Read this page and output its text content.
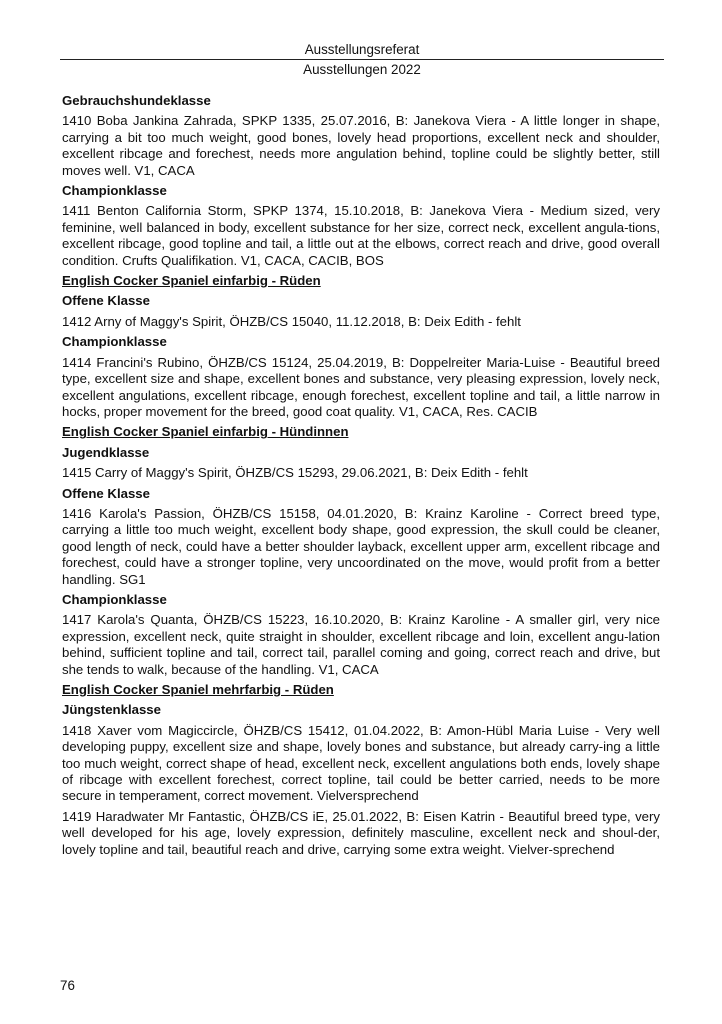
Ausstellungsreferat
Ausstellungen 2022
Gebrauchshundeklasse
1410 Boba Jankina Zahrada, SPKP 1335, 25.07.2016, B: Janekova Viera - A little longer in shape, carrying a bit too much weight, good bones, lovely head proportions, excellent neck and shoulder, excellent ribcage and forechest, needs more angulation behind, topline could be slightly better, still moves well. V1, CACA
Championklasse
1411 Benton California Storm, SPKP 1374, 15.10.2018, B: Janekova Viera - Medium sized, very feminine, well balanced in body, excellent substance for her size, correct neck, excellent angula-tions, excellent ribcage, good topline and tail, a little out at the elbows, correct reach and drive, good overall condition. Crufts Qualifikation. V1, CACA, CACIB, BOS
English Cocker Spaniel einfarbig - Rüden
Offene Klasse
1412 Arny of Maggy's Spirit, ÖHZB/CS 15040, 11.12.2018, B: Deix Edith - fehlt
Championklasse
1414 Francini's Rubino, ÖHZB/CS 15124, 25.04.2019, B: Doppelreiter Maria-Luise - Beautiful breed type, excellent size and shape, excellent bones and substance, very pleasing expression, lovely neck, excellent angulations, excellent ribcage, enough forechest, excellent topline and tail, a little narrow in hocks, proper movement for the breed, good coat quality. V1, CACA, Res. CACIB
English Cocker Spaniel einfarbig - Hündinnen
Jugendklasse
1415 Carry of Maggy's Spirit, ÖHZB/CS 15293, 29.06.2021, B: Deix Edith - fehlt
Offene Klasse
1416 Karola's Passion, ÖHZB/CS 15158, 04.01.2020, B: Krainz Karoline - Correct breed type, carrying a little too much weight, excellent body shape, good expression, the skull could be cleaner, good length of neck, could have a better shoulder layback, excellent upper arm, excellent ribcage and forechest, could have a stronger topline, very uncoordinated on the move, would profit from a better handling. SG1
Championklasse
1417 Karola's Quanta, ÖHZB/CS 15223, 16.10.2020, B: Krainz Karoline - A smaller girl, very nice expression, excellent neck, quite straight in shoulder, excellent ribcage and loin, excellent angu-lation behind, sufficient topline and tail, correct tail, parallel coming and going, correct reach and drive, but she tends to walk, because of the handling. V1, CACA
English Cocker Spaniel mehrfarbig - Rüden
Jüngstenklasse
1418 Xaver vom Magiccircle, ÖHZB/CS 15412, 01.04.2022, B: Amon-Hübl Maria Luise - Very well developing puppy, excellent size and shape, lovely bones and substance, but already carry-ing a little too much weight, correct shape of head, excellent neck, excellent angulations both ends, lovely shape of ribcage with excellent forechest, correct topline, tail could be better carried, needs to be more secure in temperament, correct movement. Vielversprechend
1419 Haradwater Mr Fantastic, ÖHZB/CS iE, 25.01.2022, B: Eisen Katrin - Beautiful breed type, very well developed for his age, lovely expression, definitely masculine, excellent neck and shoul-der, lovely topline and tail, beautiful reach and drive, carrying some extra weight. Vielver-sprechend
76
